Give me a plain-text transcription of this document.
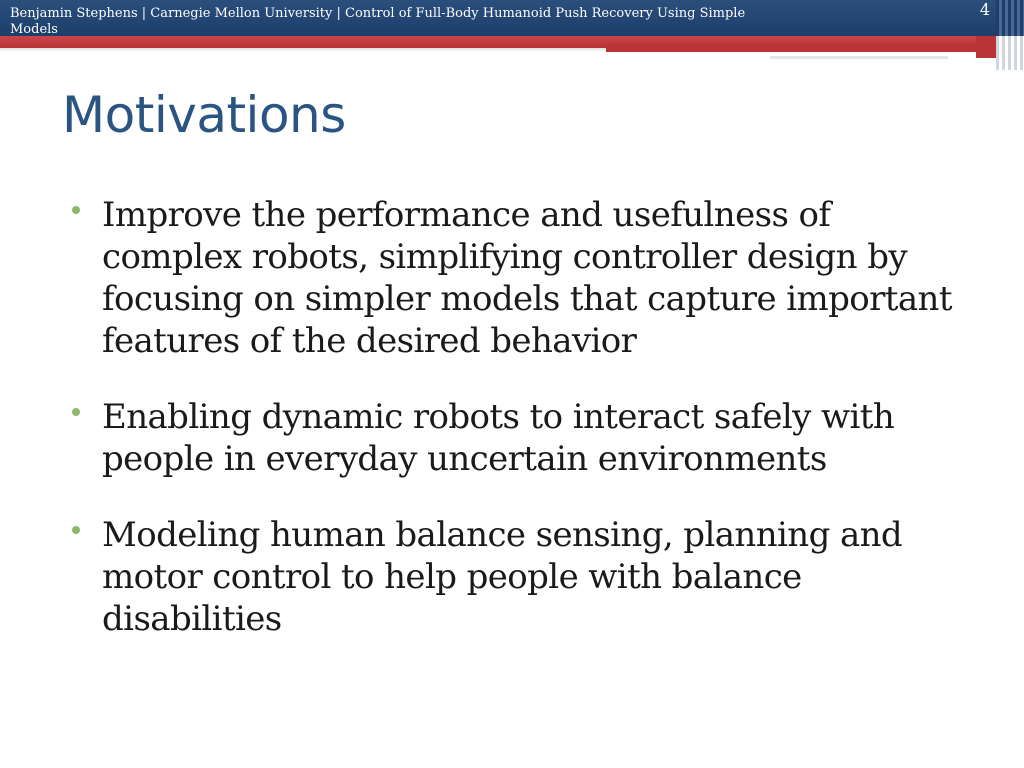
Benjamin Stephens | Carnegie Mellon University | Control of Full-Body Humanoid Push Recovery Using Simple Models
4
Motivations
Improve the performance and usefulness of complex robots, simplifying controller design by focusing on simpler models that capture important features of the desired behavior
Enabling dynamic robots to interact safely with people in everyday uncertain environments
Modeling human balance sensing, planning and motor control to help people with balance disabilities
